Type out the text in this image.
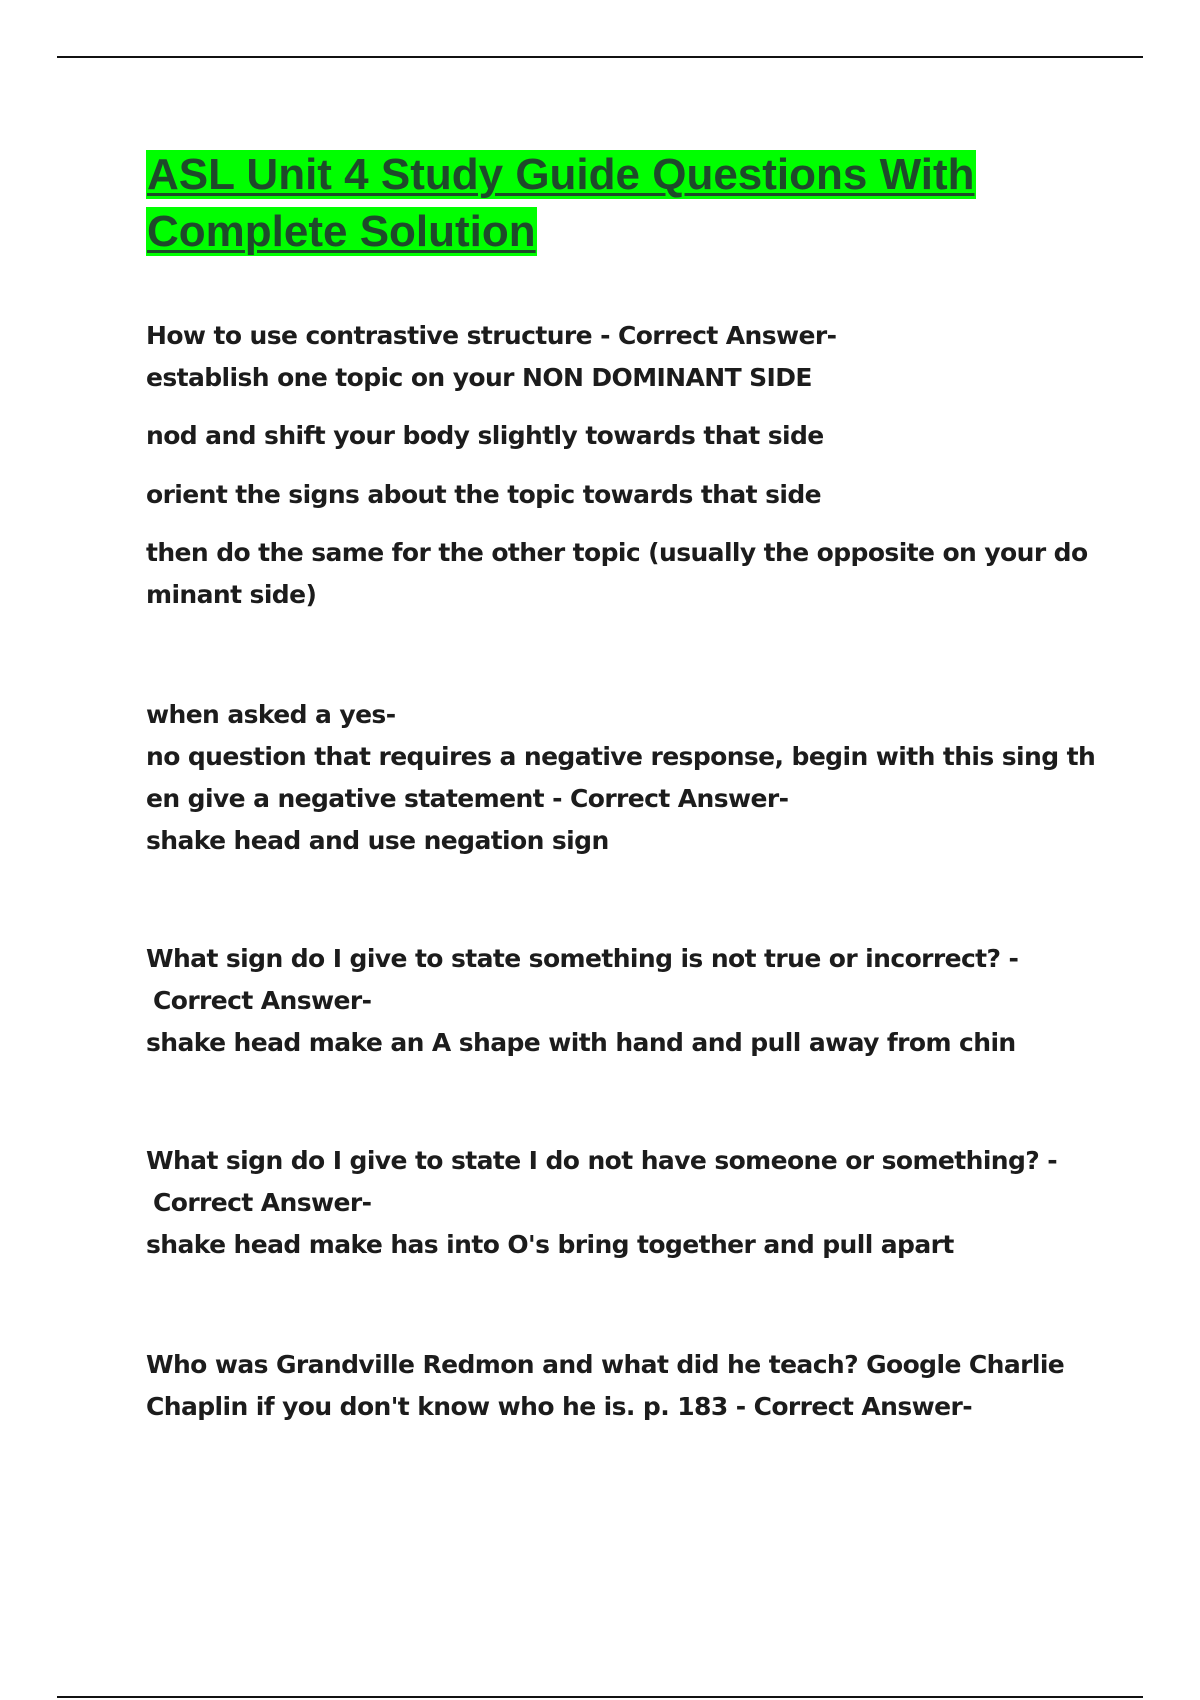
ASL Unit 4 Study Guide Questions With
Complete Solution

How to use contrastive structure - Correct Answer-

establish one topic on your NON DOMINANT SIDE

nod and shift your body slightly towards that side

orient the signs about the topic towards that side

then do the same for the other topic (usually the opposite on your do

minant side)

when asked a yes-

no question that requires a negative response, begin with this sing th

en give a negative statement - Correct Answer-

shake head and use negation sign

What sign do I give to state something is not true or incorrect? -

Correct Answer-

shake head make an A shape with hand and pull away from chin

What sign do I give to state I do not have someone or something? -

Correct Answer-

shake head make has into O's bring together and pull apart

Who was Grandville Redmon and what did he teach? Google Charlie

Chaplin if you don't know who he is. p. 183 - Correct Answer-
